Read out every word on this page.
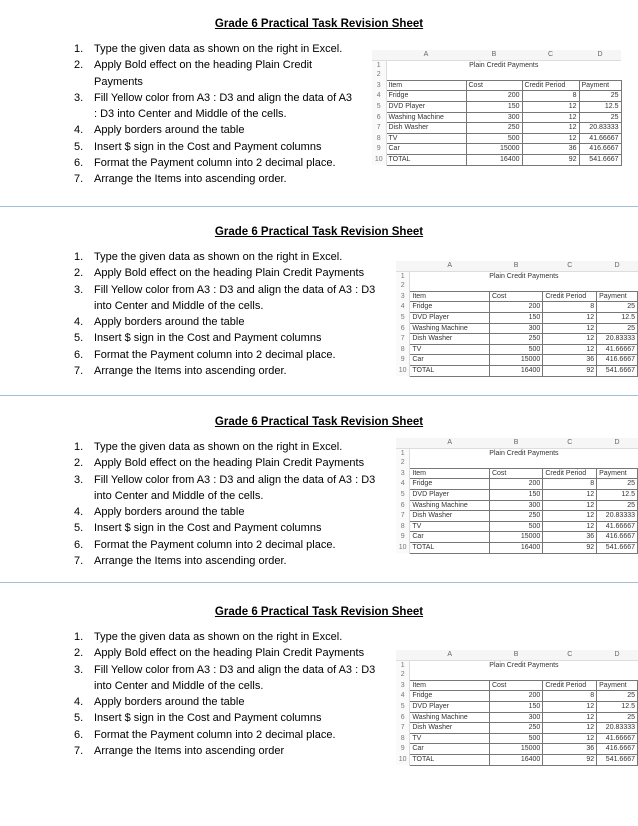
Grade 6 Practical Task Revision Sheet
Type the given data as shown on the right in Excel.
Apply Bold effect on the heading Plain Credit Payments
Fill Yellow color from A3 : D3 and align the data of A3 : D3 into Center and Middle of the cells.
Apply borders around the table
Insert $ sign in the Cost and Payment columns
Format the Payment column into 2 decimal place.
Arrange the Items into ascending order.
	A	B	C	D
1	Plain Credit Payments			
2				
3	Item	Cost	Credit Period	Payment
4	Fridge	200	8	25
5	DVD Player	150	12	12.5
6	Washing Machine	300	12	25
7	Dish Washer	250	12	20.83333
8	TV	500	12	41.66667
9	Car	15000	36	416.6667
10	TOTAL	16400	92	541.6667
Grade 6 Practical Task Revision Sheet
Type the given data as shown on the right in Excel.
Apply Bold effect on the heading Plain Credit Payments
Fill Yellow color from A3 : D3 and align the data of A3 : D3 into Center and Middle of the cells.
Apply borders around the table
Insert $ sign in the Cost and Payment columns
Format the Payment column into 2 decimal place.
Arrange the Items into ascending order.
	A	B	C	D
1	Plain Credit Payments			
2				
3	Item	Cost	Credit Period	Payment
4	Fridge	200	8	25
5	DVD Player	150	12	12.5
6	Washing Machine	300	12	25
7	Dish Washer	250	12	20.83333
8	TV	500	12	41.66667
9	Car	15000	36	416.6667
10	TOTAL	16400	92	541.6667
Grade 6 Practical Task Revision Sheet
Type the given data as shown on the right in Excel.
Apply Bold effect on the heading Plain Credit Payments
Fill Yellow color from A3 : D3 and align the data of A3 : D3 into Center and Middle of the cells.
Apply borders around the table
Insert $ sign in the Cost and Payment columns
Format the Payment column into 2 decimal place.
Arrange the Items into ascending order.
	A	B	C	D
1	Plain Credit Payments			
2				
3	Item	Cost	Credit Period	Payment
4	Fridge	200	8	25
5	DVD Player	150	12	12.5
6	Washing Machine	300	12	25
7	Dish Washer	250	12	20.83333
8	TV	500	12	41.66667
9	Car	15000	36	416.6667
10	TOTAL	16400	92	541.6667
Grade 6 Practical Task Revision Sheet
Type the given data as shown on the right in Excel.
Apply Bold effect on the heading Plain Credit Payments
Fill Yellow color from A3 : D3 and align the data of A3 : D3 into Center and Middle of the cells.
Apply borders around the table
Insert $ sign in the Cost and Payment columns
Format the Payment column into 2 decimal place.
Arrange the Items into ascending order
	A	B	C	D
1	Plain Credit Payments			
2				
3	Item	Cost	Credit Period	Payment
4	Fridge	200	8	25
5	DVD Player	150	12	12.5
6	Washing Machine	300	12	25
7	Dish Washer	250	12	20.83333
8	TV	500	12	41.66667
9	Car	15000	36	416.6667
10	TOTAL	16400	92	541.6667
